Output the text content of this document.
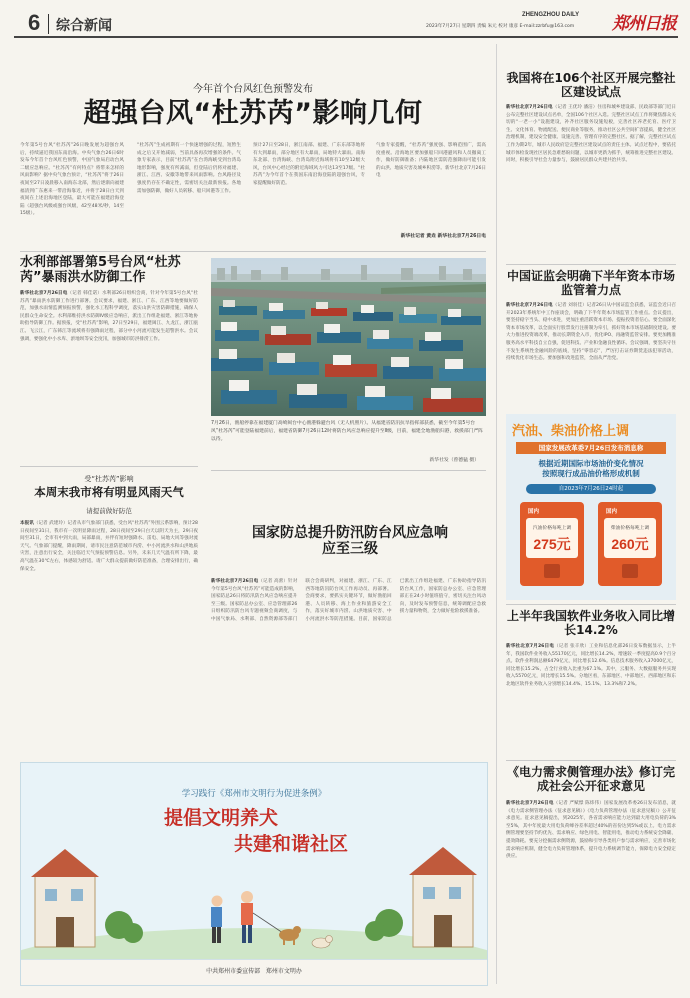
6 综合新闻
ZHENGZHOU DAILY
2023年7月27日 星期四 责编 朱元 校对 康彦 E-mail:zzrbfu@163.com 郑州日报
今年首个台风红色预警发布
超强台风“杜苏芮”影响几何
今年第5号台风“杜苏芮”26日晚发展为超强台风后，持续逼近我国东南沿海。中央气象台26日6时发布今年首个台风红色预警，中国气象局启动台风二级应急响应。“杜苏芮”有何特点？将带来怎样的风雨影响？据中央气象台预计，“杜苏芮”将于26日夜间至27日凌晨移入南海东北部，然后逐渐向福建福清到广东惠来一带沿海靠近，并将于28日白天到夜间在上述沿海地区登陆，最大可能在福建沿海登陆（超强台风级或强台风级，42至48米/秒，14至15级）。
“杜苏芮”生成初期有一个快速增强的过程，短暂生成之后又开始减弱，当前具备再次增强的条件。气象专家表示，目前“杜苏芮”在台湾海峡受到台湾岛地形影响，强度有所减弱，但登陆后仍将对福建、浙江、江西、安徽等地带来风雨影响。台风路径及强度仍存在不确定性，需密切关注最新预报。各地需加强防御，做好人员转移、船只回港等工作。
预计27日至28日，浙江南部、福建、广东东部等地将有大到暴雨，部分地区有大暴雨，局地特大暴雨。南海东北部、台湾海峡、台湾岛附近海域将有10至12级大风，台风中心经过的附近海域风力可达13至17级。“杜苏芮”为今年首个在我国东南沿海登陆的超强台风，专家提醒做好防范。
气象专家提醒，“杜苏芮”强度强、影响范围广，需高度重视。沿海地区要加强船只回港避风和人员撤离工作，做好防御准备；内陆地区需防范强降雨可能引发的山洪、地质灾害及城乡积涝等。新华社北京7月26日电
新华社记者 黄垚 新华社北京7月26日电
水利部部署第5号台风“杜苏芮”暴雨洪水防御工作
新华社北京7月26日电（记者 韩佳诺）水利部26日组织会商，针对今年第5号台风“杜苏芮”暴雨洪水防御工作进行部署。会议要求，福建、浙江、广东、江西等地要做好防范，加强水雨情监测预报预警，强化水工程科学调度，落实山洪灾害防御措施，确保人民群众生命安全。水利部维持洪水防御Ⅳ级应急响应，派出工作组赴福建、浙江等地协助指导防御工作。据预报，受“杜苏芮”影响，27日至29日，福建闽江、九龙江，浙江瓯江、飞云江，广东韩江等流域将有强降雨过程，部分中小河流可能发生超警洪水。会议强调，要强化中小水库、淤地坝等安全度汛，加强城市防洪排涝工作。
7月26日，渔船停靠在福建厦门高崎闽台中心渔港躲避台风（无人机照片）。从福建省防汛抗旱指挥部获悉，截至今年第5号台风“杜苏芮”可能登陆福建前后，福建省防御7月26日12时将防台风应急响应提升至Ⅱ级，目前，福建全地渔船归港，救援部门严阵以待。
新华社发（曾德猛 摄）
受“杜苏芮”影响
本周末我市将有明显风雨天气
请提前做好防范
本报讯（记者 武建玲）记者从市气象部门获悉，受台风“杜苏芮”外围云系影响，预计28日夜间至31日，我市有一次明显降雨过程，28日夜间至29日白天以阴天为主，29日夜间至31日，全市有中到大雨，局部暴雨，并伴有短时强降水、雷电、局地大风等强对流天气。气象部门提醒，降雨期间，请市民注意防范城市内涝、中小河流洪水和山洪地质灾害，注意出行安全，关注临近天气预报预警信息。另外，未来几天气温有所下降，最高气温在30℃左右，体感较为舒适。请广大群众提前做好防范准备，合理安排出行，确保安全。
国家防总提升防汛防台风应急响应至三级
新华社北京7月26日电（记者 高蕾）针对今年第5号台风“杜苏芮”可能造成的影响，国家防总26日将防汛防台风应急响应提升至三级。国家防总办公室、应急管理部26日组织防汛防台风专题视频会商调度，与中国气象局、水利部、自然资源部等部门联合会商研判，对福建、浙江、广东、江西等地防汛防台风工作再动员、再部署。会商要求，要抓实关键环节，做好渔船回港、人员转移、海上作业和旅游安全工作，落实好城市内涝、山洪地质灾害、中小河流洪水等防范措施。目前，国家防总已派出工作组赴福建、广东协助指导防汛防台风工作，国家防总办公室、应急管理部正在24小时值班值守，密切关注台风动向，及时发布预警信息，统筹调配应急救援力量和物资，全力做好抢险救援准备。
学习践行《郑州市文明行为促进条例》
提倡文明养犬
共建和谐社区
中共郑州市委宣传部 郑州市文明办
我国将在106个社区开展完整社区建设试点
新华社北京7月26日电（记者 王优玲 潘洁）住房和城乡建设部、民政部等部门近日公布完整社区建设试点名单，全国106个社区入选。完整社区试点工作将聚焦群众关切的“一老一小”设施建设，补齐社区服务设施短板，完善社区养老托育、医疗卫生、文化体育、物流配送、便民商业等服务，推动社区公共空间扩容提质，健全社区治理机制，建设安全健康、设施完善、管理有序的完整社区。据了解，完整社区试点工作为期2年，城市人民政府是完整社区建设试点的责任主体。试点过程中，要依托城市体检发现社区居民急难愁盼问题，以城市更新为抓手，统筹推进完整社区建设。同时，积极引导社会力量参与，鼓励居民群众共建共治共享。
中国证监会明确下半年资本市场监管着力点
新华社北京7月26日电（记者 刘羽佳）记者26日从中国证监会获悉，证监会近日召开2023年系统年中工作座谈会，明确了下半年资本市场监管工作重点。会议提出，要坚持稳字当头、稳中求进，更加注重活跃资本市场、提振投资者信心。要全面深化资本市场改革，以全面实行股票发行注册制为牵引，抓好资本市场基础制度建设。要大力推进投资端改革，推动长期资金入市，优化IPO、再融资监管安排。要更加精准服务高水平科技自立自强，促进科技、产业和金融良性循环。会议强调，要坚决守住不发生系统性金融风险的底线，坚持“零容忍”，严厉打击证券期货违法犯罪活动，持续优化市场生态。要加强和改进监管，全面从严治党。
汽油、柴油价格上调
国家发展改革委7月26日发布消息称
根据近期国际市场油价变化情况
按照现行成品油价格形成机制
自2023年7月26日24时起
国内
汽油价格每吨上调
275元
国内
柴油价格每吨上调
260元
上半年我国软件业务收入同比增长14.2%
新华社北京7月26日电（记者 张辛欣）工业和信息化部26日发布数据显示，上半年，我国软件业务收入55170亿元，同比增长14.2%，增速较一季度提高0.9个百分点。软件业利润总额6479亿元，同比增长12.6%。信息技术服务收入37000亿元，同比增长15.2%，占全行业收入比重为67.1%。其中，云服务、大数据服务共实现收入5570亿元，同比增长15.5%。分地区看，东部地区、中部地区、西部地区和东北地区软件业务收入分别增长14.4%、15.1%、13.3%和7.2%。
《电力需求侧管理办法》修订完成社会公开征求意见
新华社北京7月26日电（记者 严赋憬 陈炜伟）国家发展改革委26日发布消息，就《电力需求侧管理办法（征求意见稿）》《电力负荷管理办法（征求意见稿）》公开征求意见。征求意见稿提出，到2025年，各省需求响应能力达到最大用电负荷的3%至5%，其中年度最大用电负荷峰谷差率超过40%的省份达到5%或以上。电力需求侧管理要坚持节约优先、需求响应、绿色用电、智能用电，推动电力系统安全降碳、提效降耗。要充分挖掘需求侧资源，鼓励和引导各类用户参与需求响应，完善市场化需求响应机制，健全电力负荷管理体系，提升电力系统调节能力，保障电力安全稳定供应。
